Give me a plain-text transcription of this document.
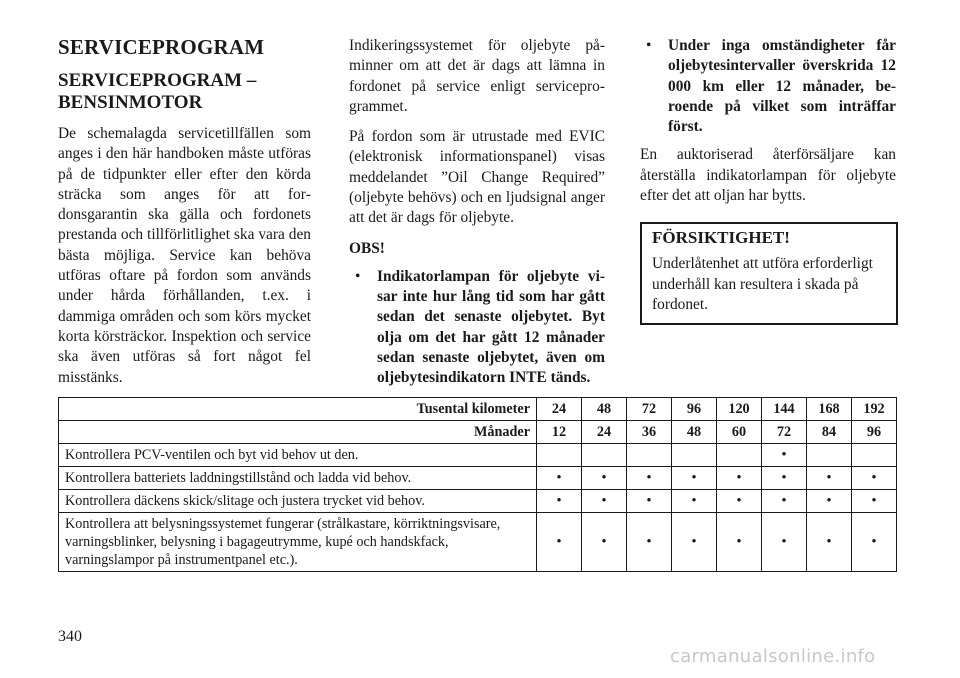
SERVICEPROGRAM
SERVICEPROGRAM – BENSINMOTOR

De schemalagda servicetillfällen som anges i den här handboken måste utföras på de tidpunkter eller efter den körda sträcka som anges för att fordonsgarantin ska gälla och fordonets prestanda och tillförlitlighet ska vara den bästa möjliga. Service kan behöva utföras oftare på fordon som används under hårda förhållanden, t.ex. i dammiga områden och som körs mycket korta körsträckor. Inspektion och service ska även utföras så fort något fel misstänks.

Indikeringssystemet för oljebyte påminner om att det är dags att lämna in fordonet på service enligt serviceprogrammet.

På fordon som är utrustade med EVIC (elektronisk informationspanel) visas meddelandet ”Oil Change Required” (oljebyte behövs) och en ljudsignal anger att det är dags för oljebyte.

OBS!

• Indikatorlampan för oljebyte visar inte hur lång tid som har gått sedan det senaste oljebytet. Byt olja om det har gått 12 månader sedan senaste oljebytet, även om oljebytesindikatorn INTE tänds.
• Under inga omständigheter får oljebytesintervaller överskrida 12 000 km eller 12 månader, beroende på vilket som inträffar först.

En auktoriserad återförsäljare kan återställa indikatorlampan för oljebyte efter det att oljan har bytts.

FÖRSIKTIGHET!

Underlåtenhet att utföra erforderligt underhåll kan resultera i skada på fordonet.

Tusental kilometer	24	48	72	96	120	144	168	192
Månader	12	24	36	48	60	72	84	96
Kontrollera PCV-ventilen och byt vid behov ut den.						•		
Kontrollera batteriets laddningstillstånd och ladda vid behov.	•	•	•	•	•	•	•	•
Kontrollera däckens skick/slitage och justera trycket vid behov.	•	•	•	•	•	•	•	•
Kontrollera att belysningssystemet fungerar (strålkastare, körriktningsvisare, varningsblinker, belysning i bagageutrymme, kupé och handskfack, varningslampor på instrumentpanel etc.).	•	•	•	•	•	•	•	•
340
carmanualsonline.info
